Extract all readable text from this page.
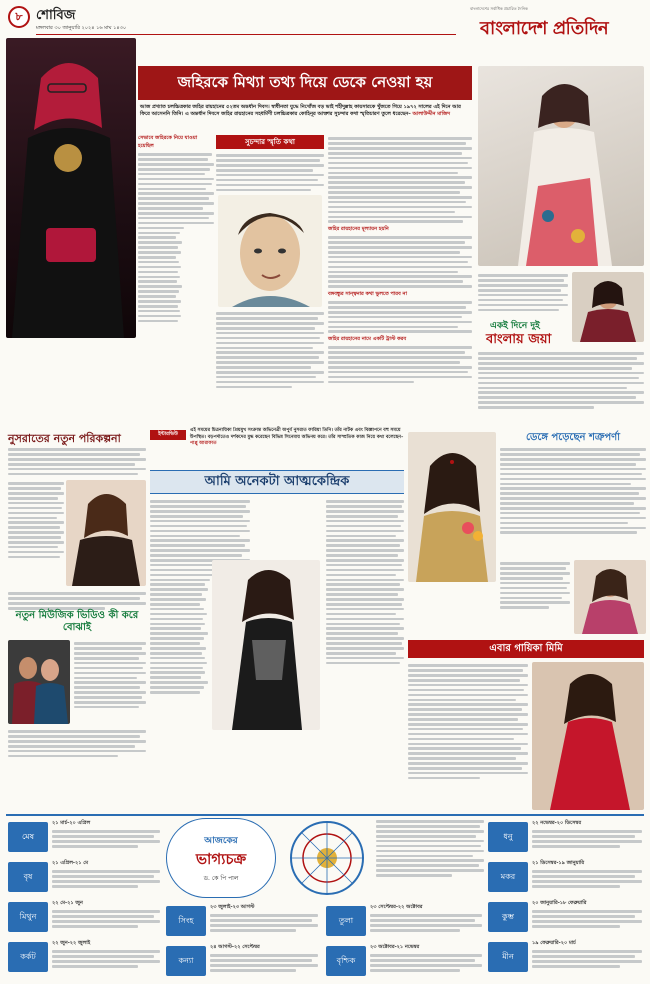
৮ শোবিজ
মঙ্গলবার ৩০ জানুয়ারি ২০২৪ ১৬ মাঘ ১৪৩০
বাংলাদেশের সর্বাধিক প্রচারিত দৈনিক
বাংলাদেশ প্রতিদিন
জহিরকে মিথ্যা তথ্য দিয়ে ডেকে নেওয়া হয়
আজ প্রখ্যাত চলচ্চিত্রকার জহির রায়হানের ৫২তম অন্তর্ধান দিবস। স্বাধীনতা যুদ্ধে নিখোঁজ বড় ভাই শহীদুল্লাহ কায়সারকে খুঁজতে গিয়ে ১৯৭২ সালের এই দিনে আর ফিরে আসেননি তিনি। এ অন্তর্ধান দিবসে জহির রায়হানের সহধর্মিণী চলচ্চিত্রকার কোহিনূর আক্তার সুচন্দার কথা স্মৃতিচারণ তুলে ধরেছেন– আলাউদ্দীন মাজিদ
সেভাবে জহিরকে নিয়ে যাওয়া হয়েছিল	সুচন্দার স্মৃতি কথা
জহির রায়হানের মূল্যায়ন হয়নি
বঙ্গবন্ধুর সান্ত্বনার কথা ভুলতে পারব না
জহির রায়হানের নামে একটি ট্রাস্ট করব
একই দিনে দুই
বাংলায় জয়া
নুসরাতের নতুন পরিকল্পনা
নতুন মিউজিক ভিডিও কী করে বোঝাই
ইন্টারভিউ
এই সময়ের চিত্রনায়িকা প্রিয়মুখ সংক্রান্ত অভিনেত্রী অপুর্ব নুসরাত ফারিয়া তিনি। তাঁর নাটক এবং বিজ্ঞাপনে বহু সময়ে উপস্থিত। বড়পর্দাতেও দর্শকদের মুগ্ধ করেছেন বিভিন্ন সিনেমায় অভিনয় করে। তাঁর সাম্প্রতিক কাজ নিয়ে কথা বলেছেন– পাপ্পু আরাফাত
আমি অনেকটা আত্মকেন্দ্রিক
ডেঙ্গে পড়েছেন শত্রুপর্ণা
এবার গায়িকা মিমি
আজকের
ভাগ্যচক্র
ড. কে পি পাল
মেষ
২১ মার্চ-২০ এপ্রিল
বৃষ
২১ এপ্রিল-২১ মে
মিথুন
২২ মে-২১ জুন
কর্কট
২২ জুন-২২ জুলাই
সিংহ
২৩ জুলাই-২৩ আগস্ট
কন্যা
২৪ আগস্ট-২২ সেপ্টেম্বর
তুলা
২৩ সেপ্টেম্বর-২২ অক্টোবর
বৃশ্চিক
২৩ অক্টোবর-২১ নভেম্বর
ধনু
২২ নভেম্বর-২০ ডিসেম্বর
মকর
২১ ডিসেম্বর-১৯ জানুয়ারি
কুম্ভ
২০ জানুয়ারি-১৮ ফেব্রুয়ারি
মীন
১৯ ফেব্রুয়ারি-২০ মার্চ
